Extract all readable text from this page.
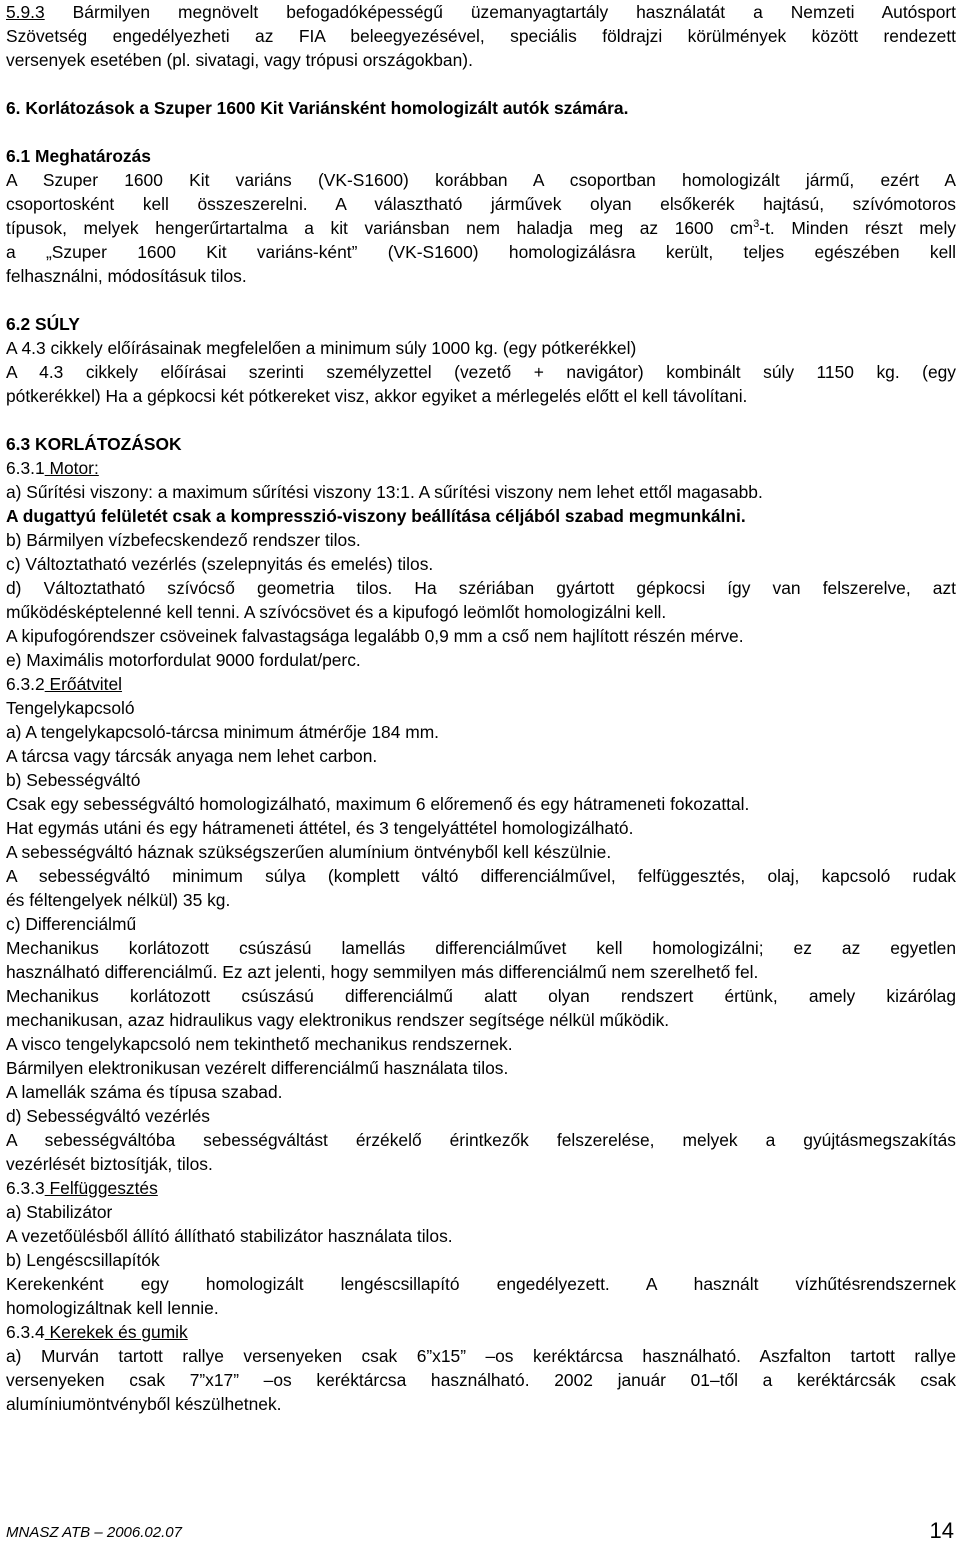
5.9.3 Bármilyen megnövelt befogadóképességű üzemanyagtartály használatát a Nemzeti Autósport
Szövetség engedélyezheti az FIA beleegyezésével, speciális földrajzi körülmények között rendezett
versenyek esetében (pl. sivatagi, vagy trópusi országokban).
6. Korlátozások a Szuper 1600 Kit Variánsként homologizált autók számára.
6.1 Meghatározás
A Szuper 1600 Kit variáns (VK-S1600) korábban A csoportban homologizált jármű, ezért A
csoportosként kell összeszerelni. A választható járművek olyan elsőkerék hajtású, szívómotoros
típusok, melyek hengerűrtartalma a kit variánsban nem haladja meg az 1600 $cm^3-t$. Minden részt mely
a „Szuper 1600 Kit variáns-ként” (VK-S1600) homologizálásra került, teljes egészében kell
felhasználni, módosításuk tilos.
6.2 SÚLY
A 4.3 cikkely előírásainak megfelelően a minimum súly 1000 kg. (egy pótkerékkel)
A 4.3 cikkely előírásai szerinti személyzettel (vezető + navigátor) kombinált súly 1150 kg. (egy
pótkerékkel) Ha a gépkocsi két pótkereket visz, akkor egyiket a mérlegelés előtt el kell távolítani.
6.3 KORLÁTOZÁSOK
6.3.1 Motor:
a) Sűrítési viszony: a maximum sűrítési viszony 13:1. A sűrítési viszony nem lehet ettől magasabb.
A dugattyú felületét csak a kompresszió-viszony beállítása céljából szabad megmunkálni.
b) Bármilyen vízbefecskendező rendszer tilos.
c) Változtatható vezérlés (szelepnyitás és emelés) tilos.
d) Változtatható szívócső geometria tilos. Ha szériában gyártott gépkocsi így van felszerelve, azt
működésképtelenné kell tenni. A szívócsövet és a kipufogó leömlőt homologizálni kell.
A kipufogórendszer csöveinek falvastagsága legalább 0,9 mm a cső nem hajlított részén mérve.
e) Maximális motorfordulat 9000 fordulat/perc.
6.3.2 Erőátvitel
Tengelykapcsoló
a) A tengelykapcsoló-tárcsa minimum átmérője 184 mm.
A tárcsa vagy tárcsák anyaga nem lehet carbon.
b) Sebességváltó
Csak egy sebességváltó homologizálható, maximum 6 előremenő és egy hátrameneti fokozattal.
Hat egymás utáni és egy hátrameneti áttétel, és 3 tengelyáttétel homologizálható.
A sebességváltó háznak szükségszerűen alumínium öntvényből kell készülnie.
A sebességváltó minimum súlya (komplett váltó differenciálművel, felfüggesztés, olaj, kapcsoló rudak
és féltengelyek nélkül) 35 kg.
c) Differenciálmű
Mechanikus korlátozott csúszású lamellás differenciálművet kell homologizálni; ez az egyetlen
használható differenciálmű. Ez azt jelenti, hogy semmilyen más differenciálmű nem szerelhető fel.
Mechanikus korlátozott csúszású differenciálmű alatt olyan rendszert értünk, amely kizárólag
mechanikusan, azaz hidraulikus vagy elektronikus rendszer segítsége nélkül működik.
A visco tengelykapcsoló nem tekinthető mechanikus rendszernek.
Bármilyen elektronikusan vezérelt differenciálmű használata tilos.
A lamellák száma és típusa szabad.
d) Sebességváltó vezérlés
A sebességváltóba sebességváltást érzékelő érintkezők felszerelése, melyek a gyújtásmegszakítás
vezérlését biztosítják, tilos.
6.3.3 Felfüggesztés
a) Stabilizátor
A vezetőülésből állító állítható stabilizátor használata tilos.
b) Lengéscsillapítók
Kerekenként egy homologizált lengéscsillapító engedélyezett. A használt vízhűtésrendszernek
homologizáltnak kell lennie.
6.3.4 Kerekek és gumik
a) Murván tartott rallye versenyeken csak 6”x15” –os keréktárcsa használható. Aszfalton tartott rallye
versenyeken csak 7”x17” –os keréktárcsa használható. 2002 január 01–től a keréktárcsák csak
alumíniumöntvényből készülhetnek.
MNASZ ATB – 2006.02.07	14
